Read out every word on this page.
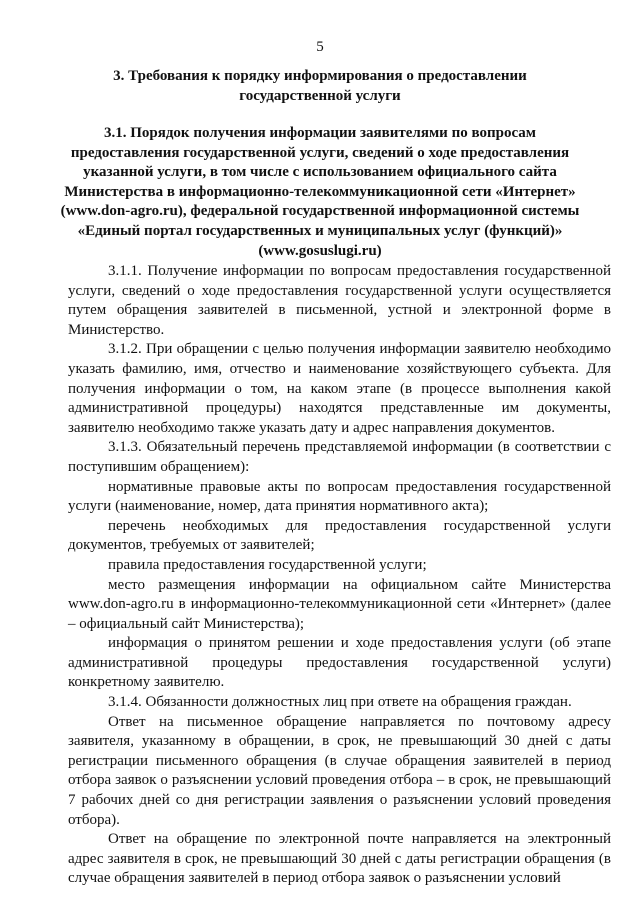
5
3. Требования к порядку информирования о предоставлении
государственной услуги
3.1. Порядок получения информации заявителями по вопросам
предоставления государственной услуги, сведений о ходе предоставления
указанной услуги, в том числе с использованием официального сайта
Министерства в информационно-телекоммуникационной сети «Интернет»
(www.don-agro.ru), федеральной государственной информационной системы
«Единый портал государственных и муниципальных услуг (функций)»
(www.gosuslugi.ru)

3.1.1. Получение информации по вопросам предоставления государственной услуги, сведений о ходе предоставления государственной услуги осуществляется путем обращения заявителей в письменной, устной и электронной форме в Министерство.

3.1.2. При обращении с целью получения информации заявителю необходимо указать фамилию, имя, отчество и наименование хозяйствующего субъекта. Для получения информации о том, на каком этапе (в процессе выполнения какой административной процедуры) находятся представленные им документы, заявителю необходимо также указать дату и адрес направления документов.

3.1.3. Обязательный перечень представляемой информации (в соответствии с поступившим обращением):

нормативные правовые акты по вопросам предоставления государственной услуги (наименование, номер, дата принятия нормативного акта);

перечень необходимых для предоставления государственной услуги документов, требуемых от заявителей;

правила предоставления государственной услуги;

место размещения информации на официальном сайте Министерства www.don-agro.ru в информационно-телекоммуникационной сети «Интернет» (далее – официальный сайт Министерства);

информация о принятом решении и ходе предоставления услуги (об этапе административной процедуры предоставления государственной услуги) конкретному заявителю.

3.1.4. Обязанности должностных лиц при ответе на обращения граждан.

Ответ на письменное обращение направляется по почтовому адресу заявителя, указанному в обращении, в срок, не превышающий 30 дней с даты регистрации письменного обращения (в случае обращения заявителей в период отбора заявок о разъяснении условий проведения отбора – в срок, не превышающий 7 рабочих дней со дня регистрации заявления о разъяснении условий проведения отбора).

Ответ на обращение по электронной почте направляется на электронный адрес заявителя в срок, не превышающий 30 дней с даты регистрации обращения (в случае обращения заявителей в период отбора заявок о разъяснении условий
